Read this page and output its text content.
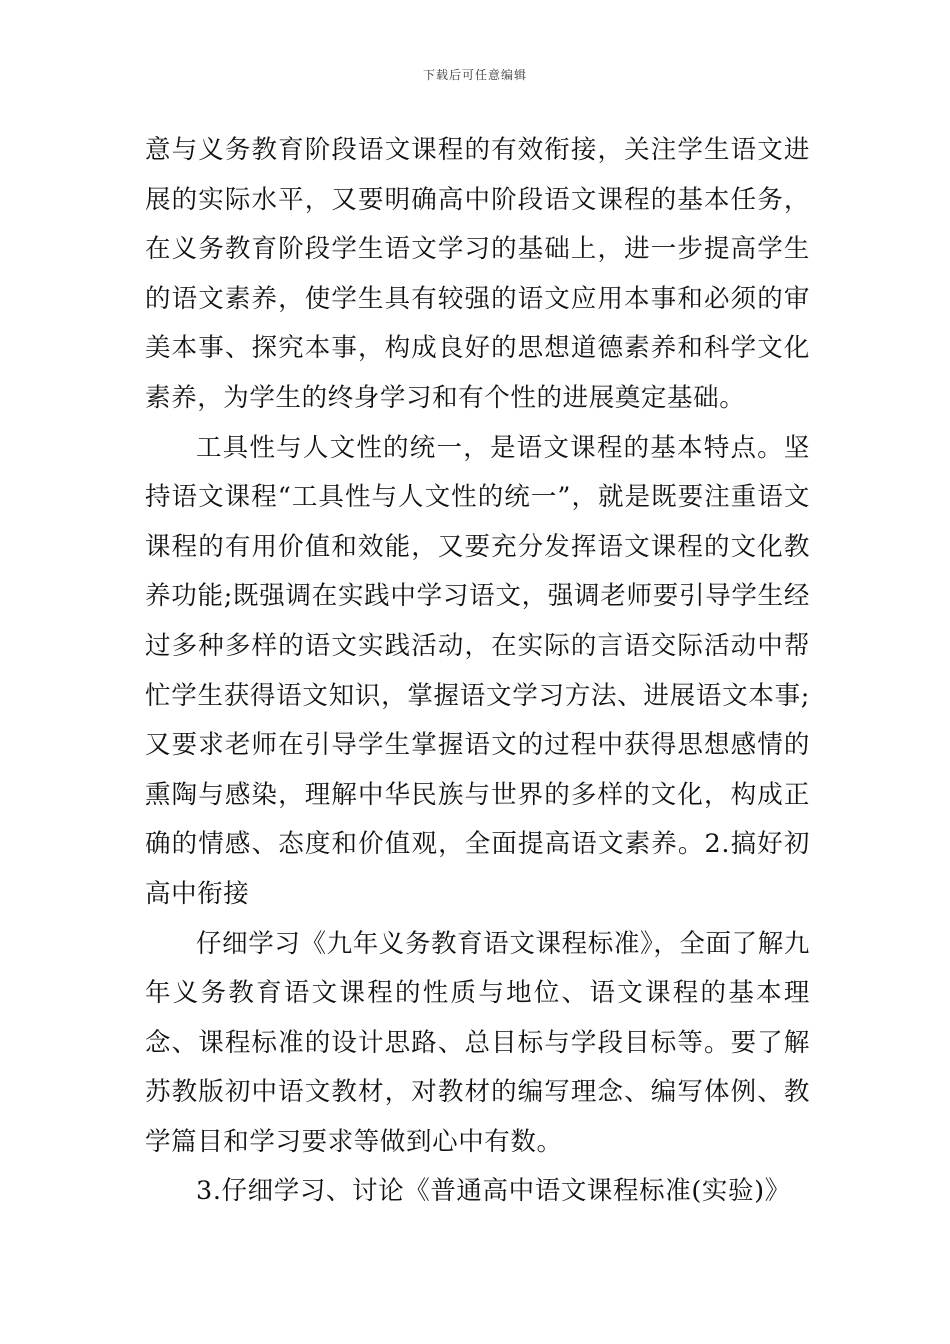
下载后可任意编辑

意与义务教育阶段语文课程的有效衔接，关注学生语文进展的实际水平，又要明确高中阶段语文课程的基本任务，在义务教育阶段学生语文学习的基础上，进一步提高学生的语文素养，使学生具有较强的语文应用本事和必须的审美本事、探究本事，构成良好的思想道德素养和科学文化素养，为学生的终身学习和有个性的进展奠定基础。

工具性与人文性的统一，是语文课程的基本特点。坚持语文课程“工具性与人文性的统一”，就是既要注重语文课程的有用价值和效能，又要充分发挥语文课程的文化教养功能;既强调在实践中学习语文，强调老师要引导学生经过多种多样的语文实践活动，在实际的言语交际活动中帮忙学生获得语文知识，掌握语文学习方法、进展语文本事;又要求老师在引导学生掌握语文的过程中获得思想感情的熏陶与感染，理解中华民族与世界的多样的文化，构成正确的情感、态度和价值观，全面提高语文素养。2.搞好初高中衔接

仔细学习《九年义务教育语文课程标准》，全面了解九年义务教育语文课程的性质与地位、语文课程的基本理念、课程标准的设计思路、总目标与学段目标等。要了解苏教版初中语文教材，对教材的编写理念、编写体例、教学篇目和学习要求等做到心中有数。

3.仔细学习、讨论《普通高中语文课程标准(实验)》
